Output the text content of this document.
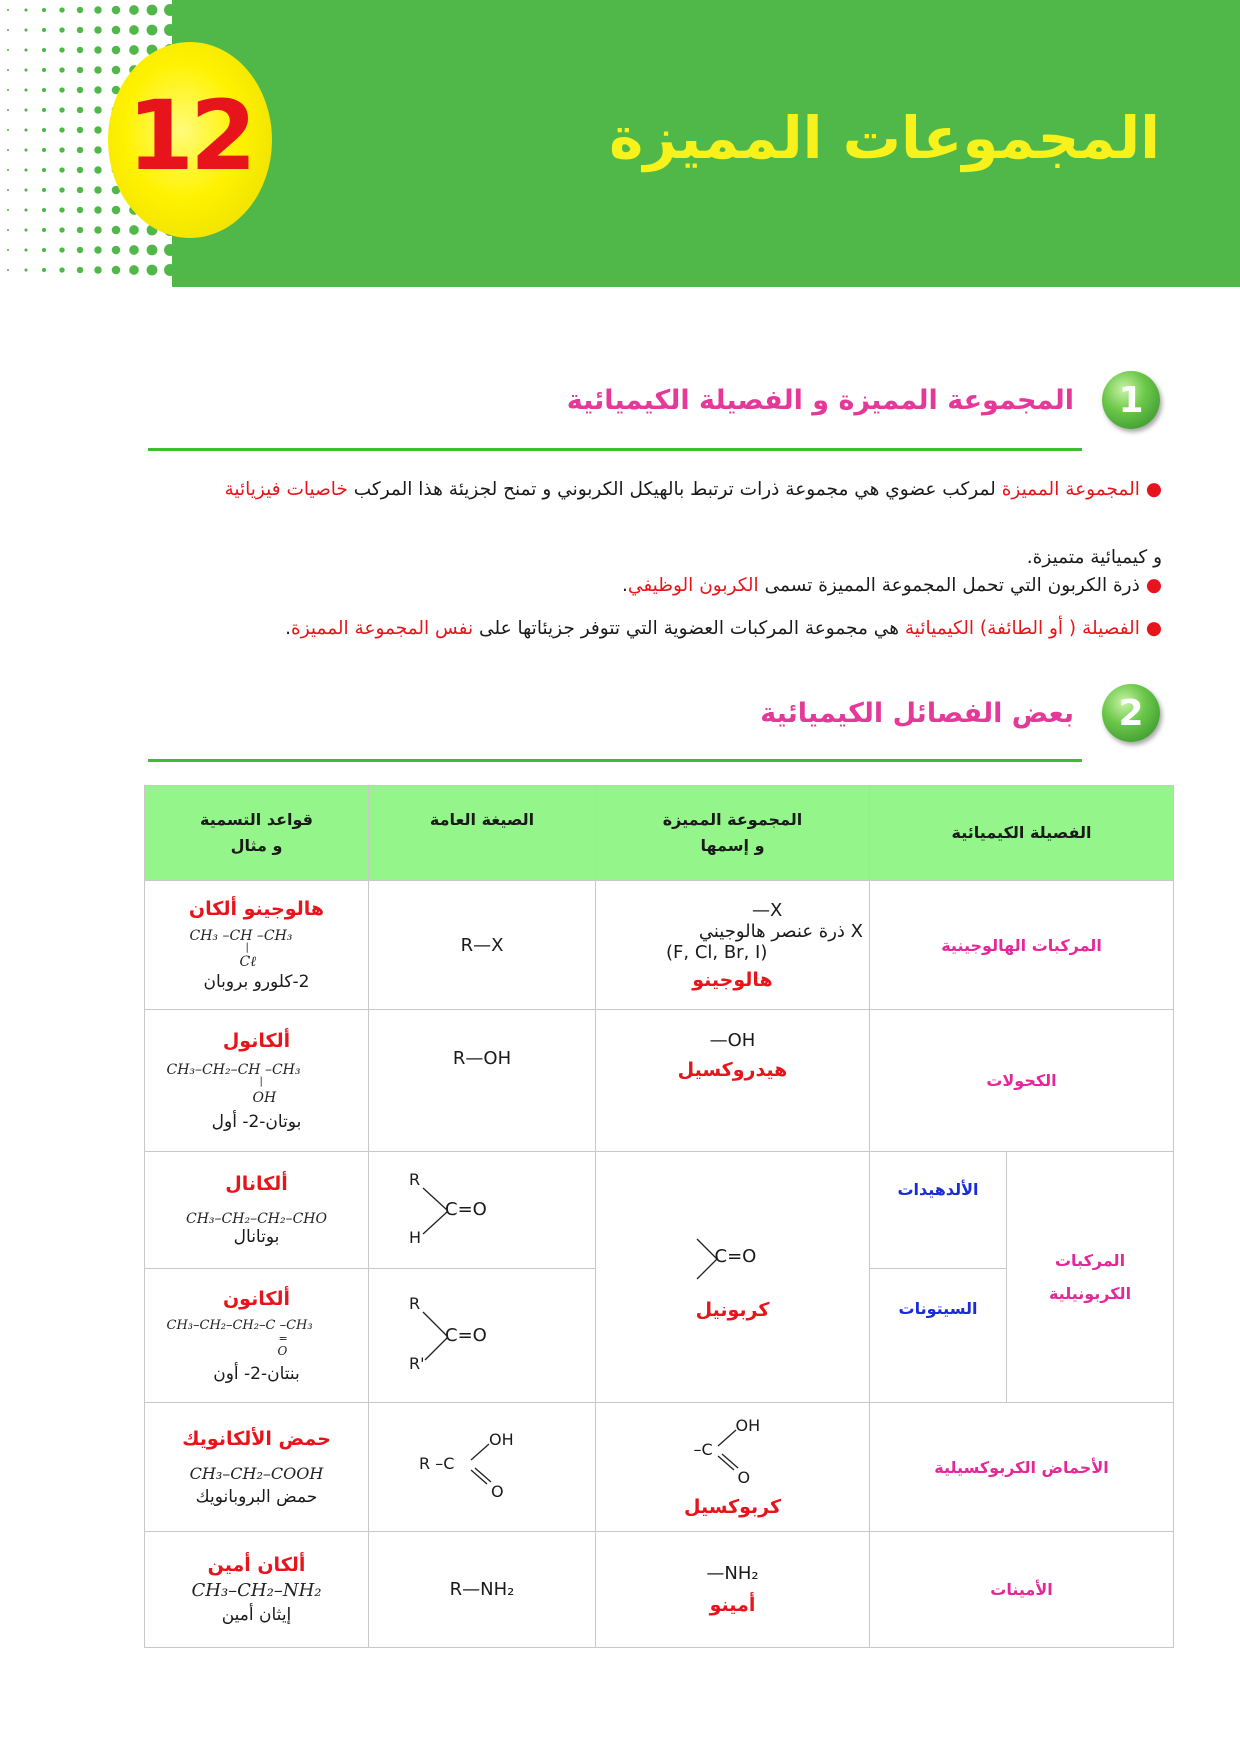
12	المجموعات المميزة
1
المجموعة المميزة و الفصيلة الكيميائية
●المجموعة المميزة لمركب عضوي هي مجموعة ذرات ترتبط بالهيكل الكربوني و تمنح لجزيئة هذا المركب خاصيات فيزيائية
و كيميائية متميزة.
●ذرة الكربون التي تحمل المجموعة المميزة تسمى الكربون الوظيفي.
●الفصيلة ( أو الطائفة) الكيميائية هي مجموعة المركبات العضوية التي تتوفر جزيئاتها على نفس المجموعة المميزة.
2
بعض الفصائل الكيميائية
الفصيلة الكيميائية
المجموعة المميزة
و إسمها
الصيغة العامة
قواعد التسمية
و مثال
المركبات الهالوجينية
—X
X ذرة عنصر هالوجيني
(F, Cl, Br, I)
هالوجينو
R—X
هالوجينو ألكان
CH₃ –CH –CH₃
|
Cℓ
2-كلورو بروبان
الكحولات
—OH
هيدروكسيل
R—OH
ألكانول
CH₃–CH₂–CH –CH₃
|
OH
بوتان-2- أول
المركبات
الكربونيلية
الألدهيدات
السيتونات
C=O
كربونيل
R
H
C=O
R
R'
C=O
ألكانال
CH₃–CH₂–CH₂–CHO
بوتانال
ألكانون
CH₃–CH₂–CH₂–C –CH₃
=
O
بنتان-2- أون
الأحماض الكربوكسيلية
OH
–C
O
كربوكسيل
R –C
OH
O
حمض الألكانويك
CH₃–CH₂–COOH
حمض البروبانويك
الأمينات
—NH₂
أمينو
R—NH₂
ألكان أمين
CH₃–CH₂–NH₂
إيثان أمين
